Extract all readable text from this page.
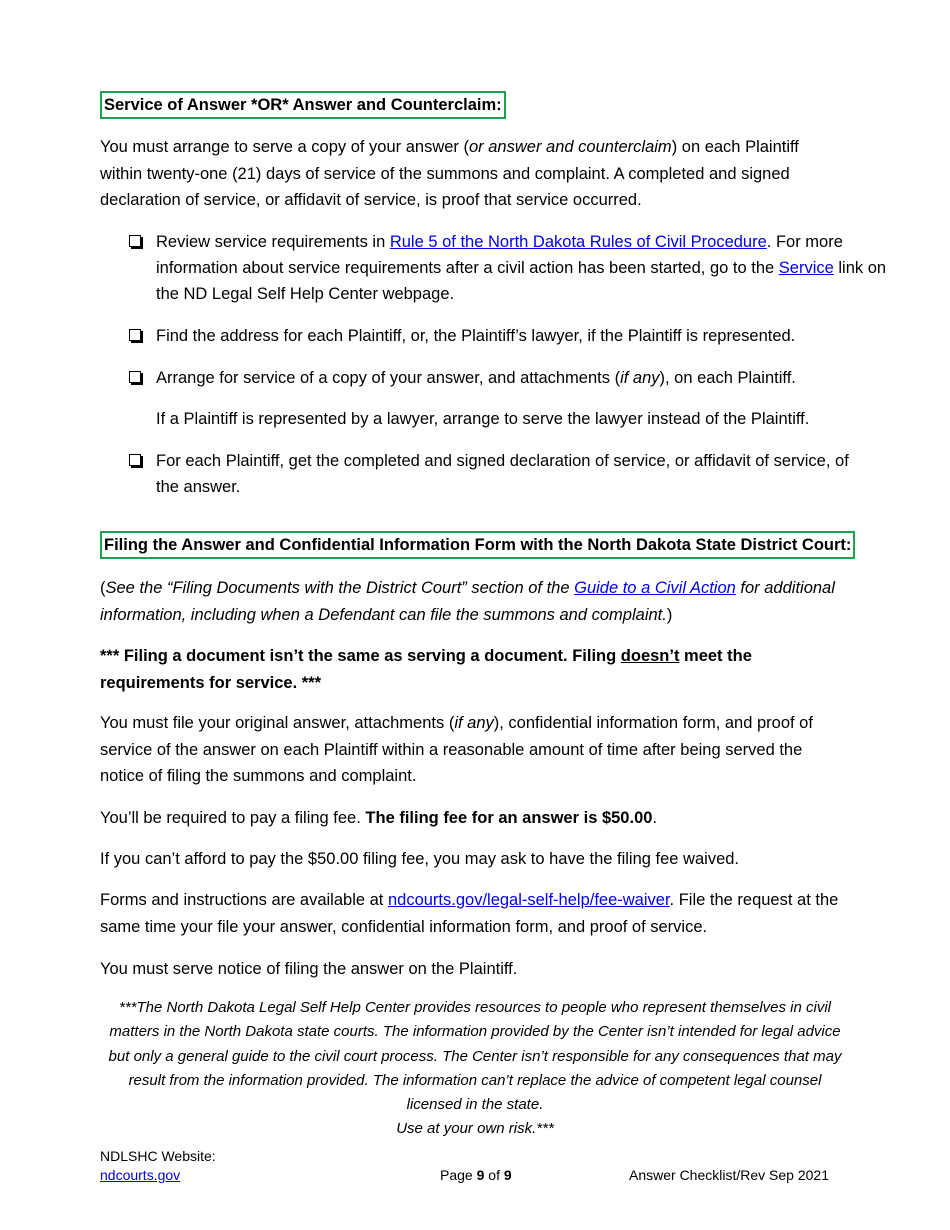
Service of Answer *OR* Answer and Counterclaim:

You must arrange to serve a copy of your answer (or answer and counterclaim) on each Plaintiff within twenty-one (21) days of service of the summons and complaint. A completed and signed declaration of service, or affidavit of service, is proof that service occurred.

Review service requirements in Rule 5 of the North Dakota Rules of Civil Procedure. For more information about service requirements after a civil action has been started, go to the Service link on the ND Legal Self Help Center webpage.
Find the address for each Plaintiff, or, the Plaintiff’s lawyer, if the Plaintiff is represented.
Arrange for service of a copy of your answer, and attachments (if any), on each Plaintiff.
If a Plaintiff is represented by a lawyer, arrange to serve the lawyer instead of the Plaintiff.
For each Plaintiff, get the completed and signed declaration of service, or affidavit of service, of the answer.
Filing the Answer and Confidential Information Form with the North Dakota State District Court:

(See the “Filing Documents with the District Court” section of the Guide to a Civil Action for additional information, including when a Defendant can file the summons and complaint.)

*** Filing a document isn’t the same as serving a document. Filing doesn’t meet the requirements for service. ***

You must file your original answer, attachments (if any), confidential information form, and proof of service of the answer on each Plaintiff within a reasonable amount of time after being served the notice of filing the summons and complaint.

You’ll be required to pay a filing fee. The filing fee for an answer is $50.00.

If you can’t afford to pay the $50.00 filing fee, you may ask to have the filing fee waived.

Forms and instructions are available at ndcourts.gov/legal-self-help/fee-waiver. File the request at the same time your file your answer, confidential information form, and proof of service.

You must serve notice of filing the answer on the Plaintiff.

***The North Dakota Legal Self Help Center provides resources to people who represent themselves in civil matters in the North Dakota state courts. The information provided by the Center isn’t intended for legal advice but only a general guide to the civil court process. The Center isn’t responsible for any consequences that may result from the information provided. The information can’t replace the advice of competent legal counsel licensed in the state.
Use at your own risk.***
NDLSHC Website:
ndcourts.gov	Page 9 of 9	Answer Checklist/Rev Sep 2021
